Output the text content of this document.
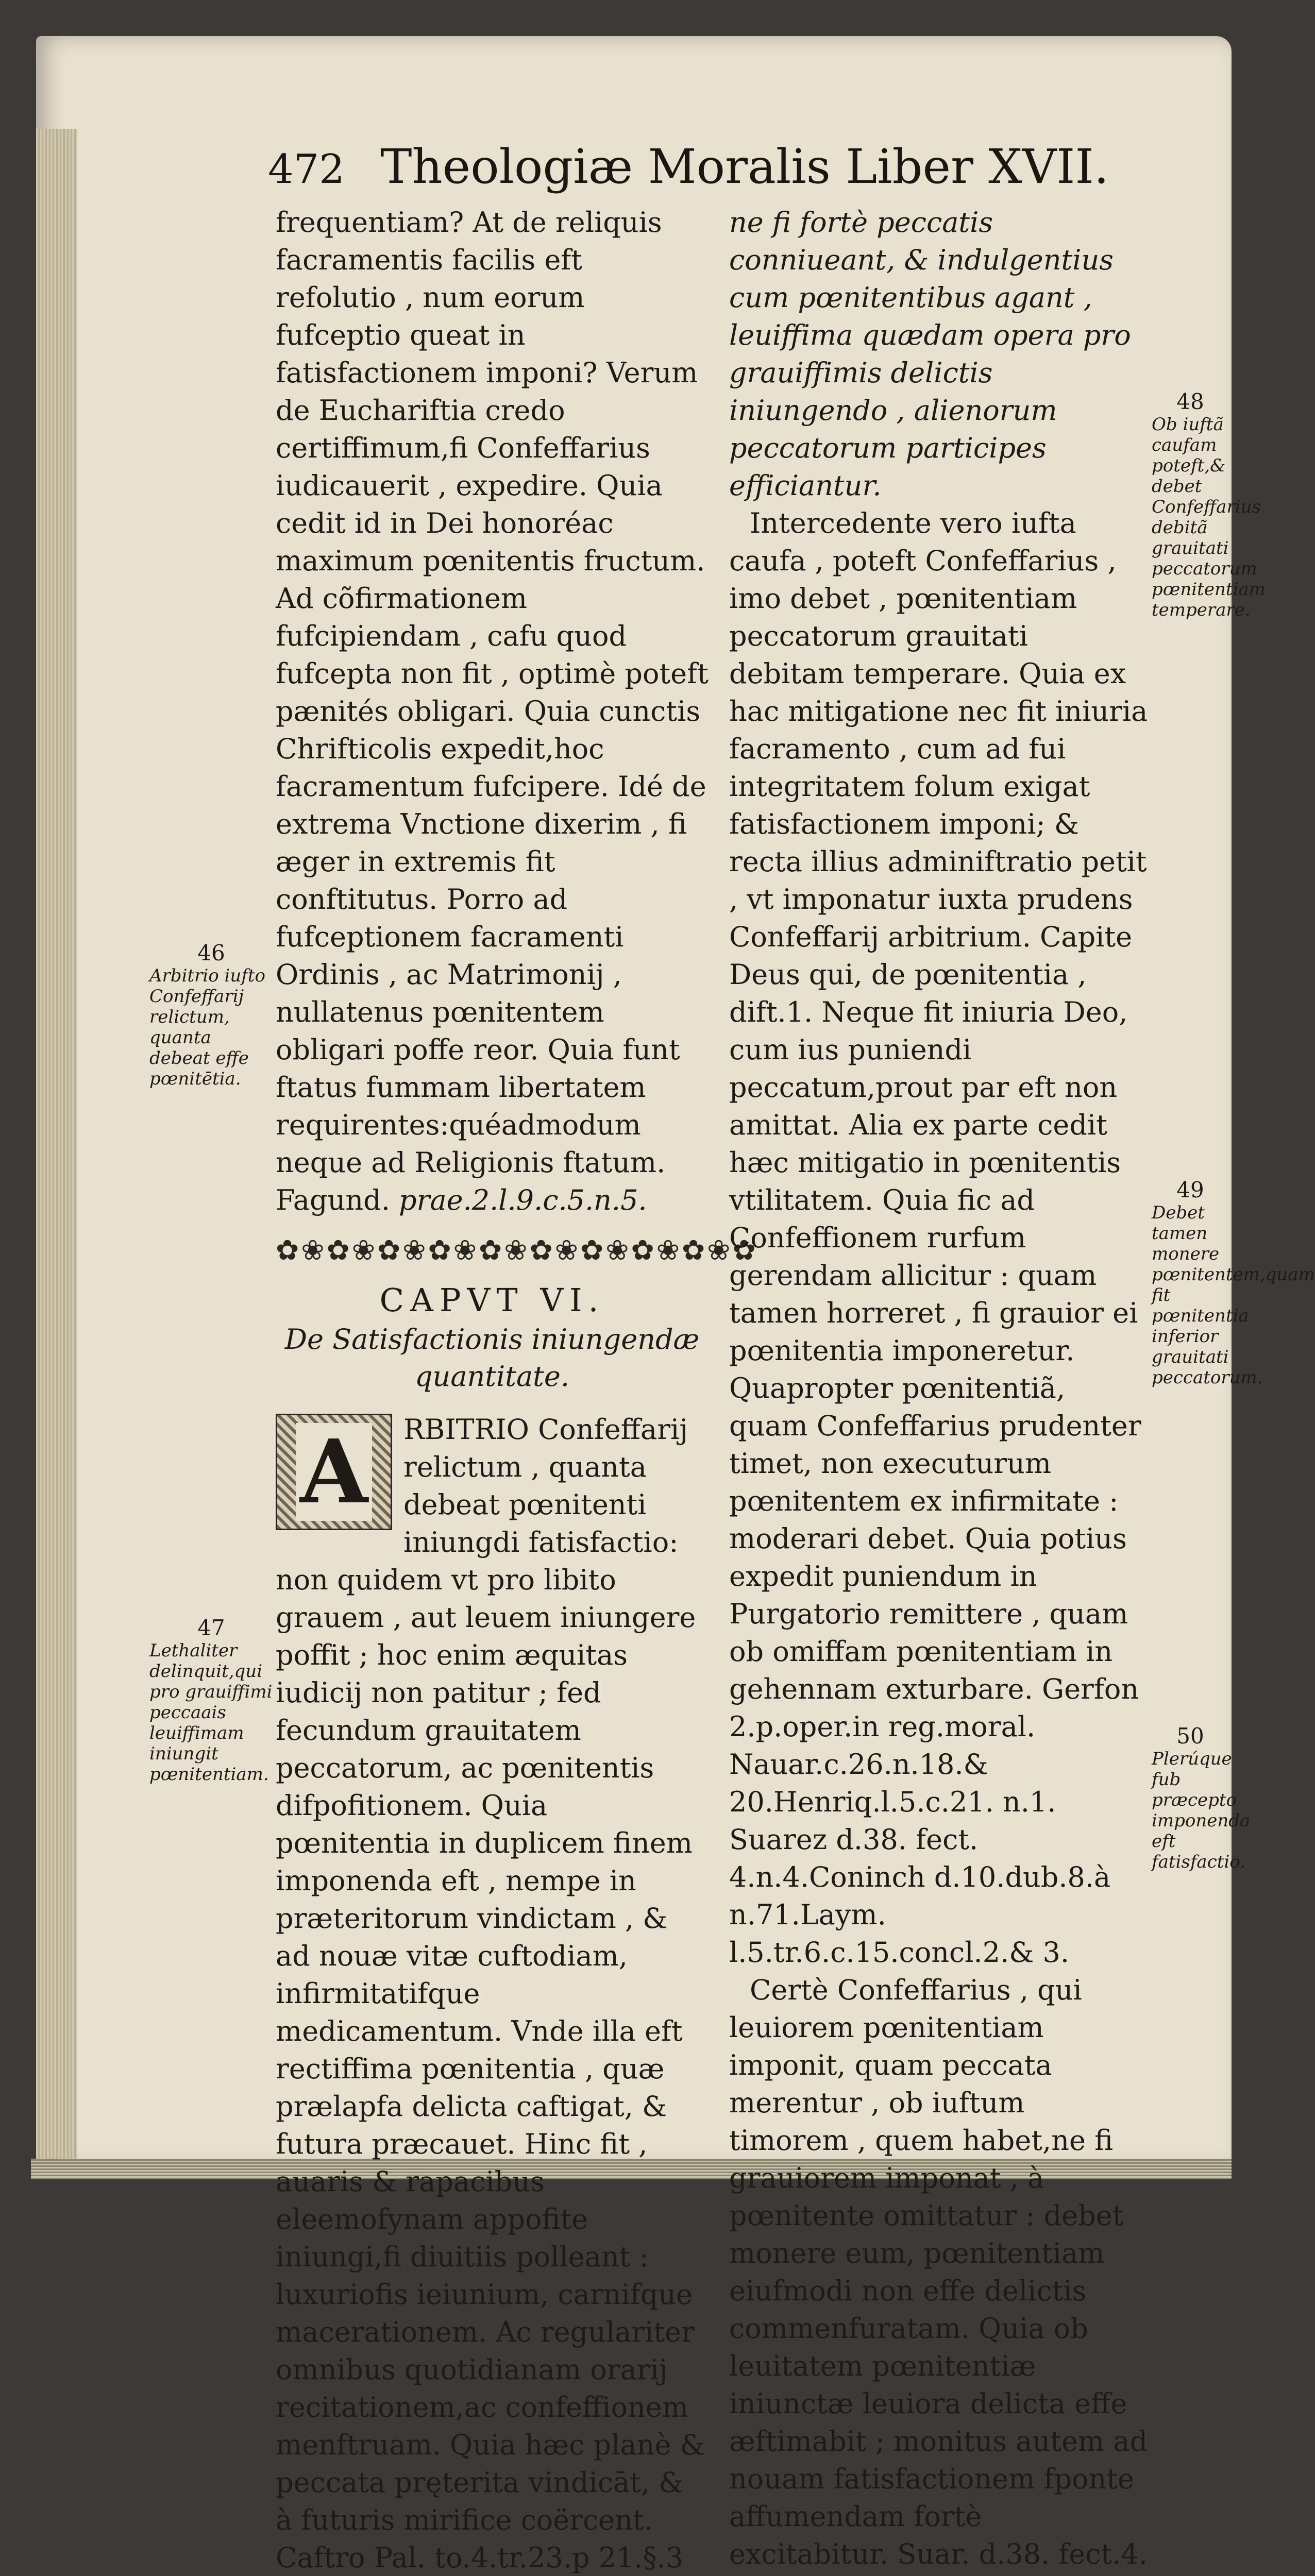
472 Theologiæ Moralis Liber XVII.

frequentiam? At de reliquis facramentis facilis eft refolutio , num eorum fufceptio queat in fatisfactionem imponi? Verum de Euchariftia credo certiffimum,fi Confeffarius iudicauerit , expedire. Quia cedit id in Dei honoréac maximum pœnitentis fructum. Ad cõfirmationem fufcipiendam , cafu quod fufcepta non fit , optimè poteft pænités obligari. Quia cunctis Chrifticolis expedit,hoc facramentum fufcipere. Idé de extrema Vnctione dixerim , fi æger in extremis fit conftitutus. Porro ad fufceptionem facramenti Ordinis , ac Matrimonij , nullatenus pœnitentem obligari poffe reor. Quia funt ftatus fummam libertatem requirentes:quéadmodum neque ad Religionis ftatum. Fagund. prae.2.l.9.c.5.n.5.

✿❀✿❀✿❀✿❀✿❀✿❀✿❀✿❀✿❀✿
CAPVT VI.
De Satisfactionis iniungendæ quantitate.
A	RBITRIO Confeffarij relictum , quanta debeat pœnitenti iniungdi fatisfactio: non quidem vt pro libito grauem , aut leuem iniungere poffit ; hoc enim æquitas iudicij non patitur ; fed fecundum grauitatem peccatorum, ac pœnitentis difpofitionem. Quia pœnitentia in duplicem finem imponenda eft , nempe in præteritorum vindictam , & ad nouæ vitæ cuftodiam, infirmitatifque medicamentum. Vnde illa eft rectiffima pœnitentia , quæ prælapfa delicta caftigat, & futura præcauet. Hinc fit , auaris & rapacibus eleemofynam appofite iniungi,fi diuitiis polleant : luxuriofis ieiunium, carnifque macerationem. Ac regulariter omnibus quotidianam orarij recitationem,ac confeffionem menftruam. Quia hæc planè & peccata pręterita vindicāt, & à futuris mirifice coërcent. Caftro Pal. to.4.tr.23.p 21.§.3

ne fi fortè peccatis conniueant, & indulgentius cum pœnitentibus agant , leuiffima quædam opera pro grauiffimis delictis iniungendo , alienorum peccatorum participes efficiantur.

Intercedente vero iufta caufa , poteft Confeffarius , imo debet , pœnitentiam peccatorum grauitati debitam temperare. Quia ex hac mitigatione nec fit iniuria facramento , cum ad fui integritatem folum exigat fatisfactionem imponi; & recta illius adminiftratio petit , vt imponatur iuxta prudens Confeffarij arbitrium. Capite Deus qui, de pœnitentia , dift.1. Neque fit iniuria Deo, cum ius puniendi peccatum,prout par eft non amittat. Alia ex parte cedit hæc mitigatio in pœnitentis vtilitatem. Quia fic ad Confeffionem rurfum gerendam allicitur : quam tamen horreret , fi grauior ei pœnitentia imponeretur. Quapropter pœnitentiã, quam Confeffarius prudenter timet, non executurum pœnitentem ex infirmitate : moderari debet. Quia potius expedit puniendum in Purgatorio remittere , quam ob omiffam pœnitentiam in gehennam exturbare. Gerfon 2.p.oper.in reg.moral. Nauar.c.26.n.18.& 20.Henriq.l.5.c.21. n.1. Suarez d.38. fect. 4.n.4.Coninch d.10.dub.8.à n.71.Laym. l.5.tr.6.c.15.concl.2.& 3.

Certè Confeffarius , qui leuiorem pœnitentiam imponit, quam peccata merentur , ob iuftum timorem , quem habet,ne fi grauiorem imponat , à pœnitente omittatur : debet monere eum, pœnitentiam eiufmodi non effe delictis commenfuratam. Quia ob leuitatem pœnitentiæ iniunctæ leuiora delicta effe æftimabit ; monitus autem ad nouam fatisfactionem fponte affumendam fortè excitabitur. Suar. d.38. fect.4.

46
Arbitrio iufto Confeffarij relictum, quanta debeat effe pœnitētia.
47
Lethaliter delinquit,qui pro grauiffimi peccaais leuiffimam iniungit pœnitentiam.
48
Ob iuftã caufam poteft,& debet Confeffarius debitã grauitati peccatorum pœnitentiam temperare.
49
Debet tamen monere pœnitentem,quam fit pœnitentia inferior grauitati peccatorum.
50
Plerúque fub præcepto imponenda eft fatisfactio.
